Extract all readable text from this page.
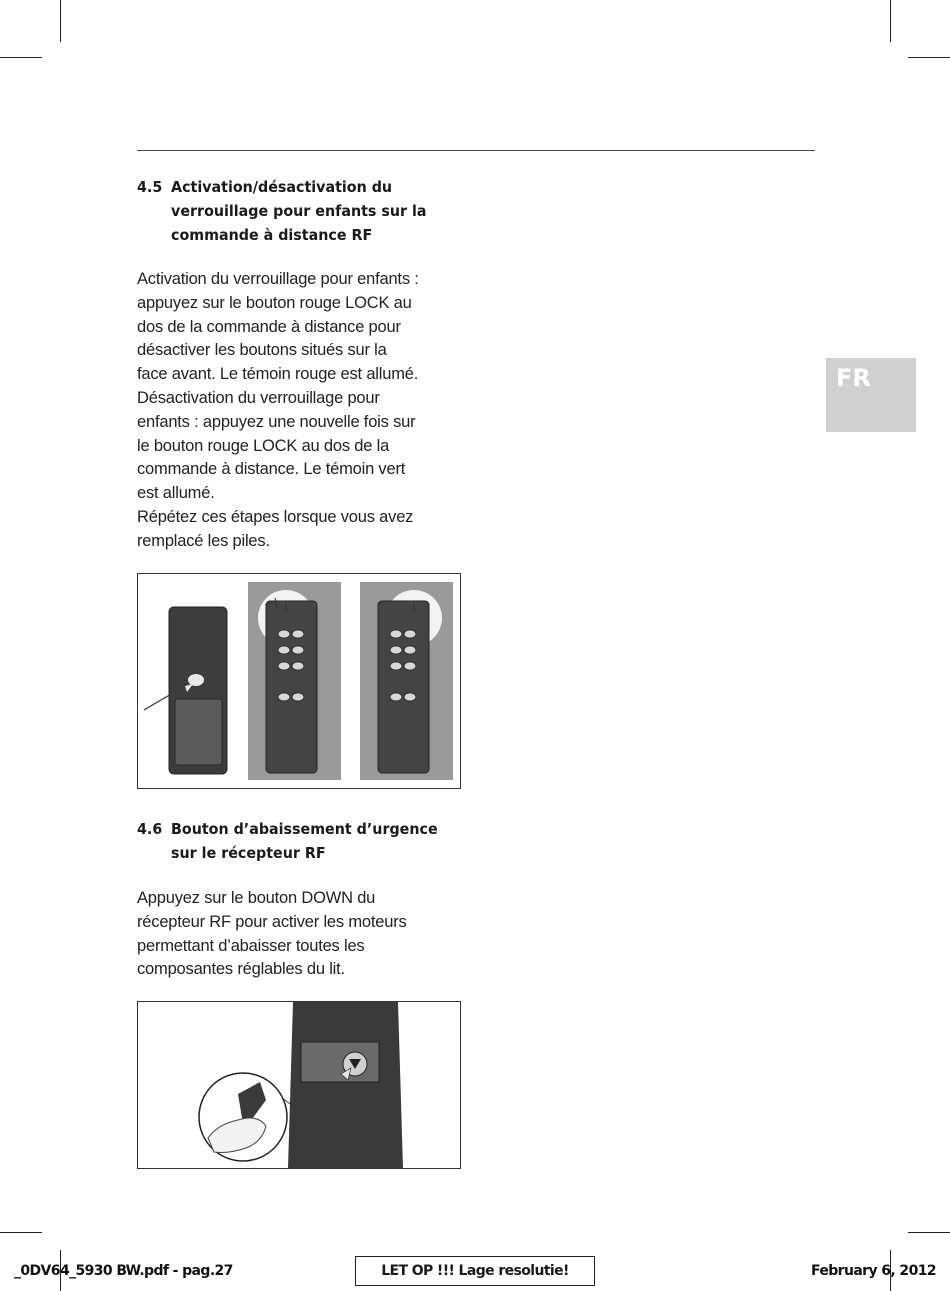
4.5 Activation/désactivation du
verrouillage pour enfants sur la
commande à distance RF

Activation du verrouillage pour enfants :

appuyez sur le bouton rouge LOCK au

dos de la commande à distance pour

désactiver les boutons situés sur la

face avant. Le témoin rouge est allumé.

Désactivation du verrouillage pour

enfants : appuyez une nouvelle fois sur

le bouton rouge LOCK au dos de la

commande à distance. Le témoin vert

est allumé.

Répétez ces étapes lorsque vous avez

remplacé les piles.

4.6 Bouton d’abaissement d’urgence
sur le récepteur RF

Appuyez sur le bouton DOWN du

récepteur RF pour activer les moteurs

permettant d’abaisser toutes les

composantes réglables du lit.

FR
_0DV64_5930 BW.pdf - pag.27	LET OP !!! Lage resolutie!	February 6, 2012
